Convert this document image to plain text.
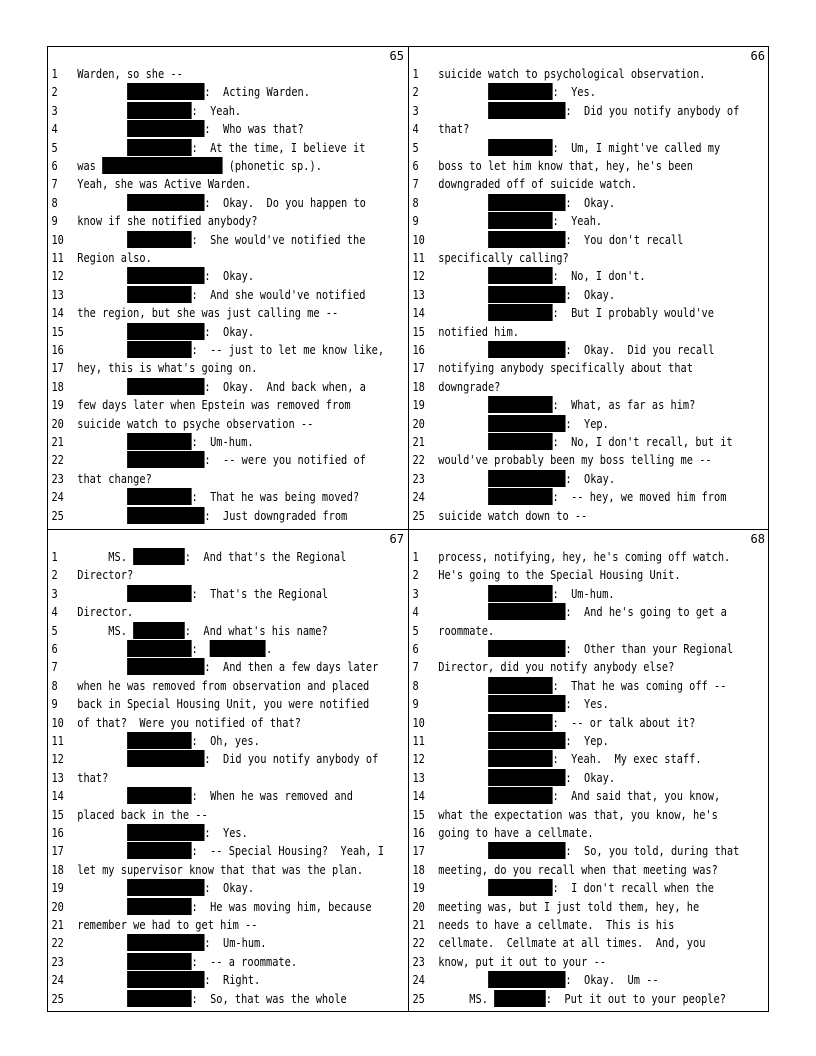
65
1	Warden, so she --
2	:  Acting Warden.
3	:  Yeah.
4	:  Who was that?
5	:  At the time, I believe it
6	was	(phonetic sp.).
7	Yeah, she was Active Warden.
8	:  Okay.  Do you happen to
9	know if she notified anybody?
10	:  She would've notified the
11	Region also.
12	:  Okay.
13	:  And she would've notified
14	the region, but she was just calling me --
15	:  Okay.
16	:  -- just to let me know like,
17	hey, this is what's going on.
18	:  Okay.  And back when, a
19	few days later when Epstein was removed from
20	suicide watch to psyche observation --
21	:  Um-hum.
22	:  -- were you notified of
23	that change?
24	:  That he was being moved?
25	:  Just downgraded from
66
1	suicide watch to psychological observation.
2	:  Yes.
3	:  Did you notify anybody of
4	that?
5	:  Um, I might've called my
6	boss to let him know that, hey, he's been
7	downgraded off of suicide watch.
8	:  Okay.
9	:  Yeah.
10	:  You don't recall
11	specifically calling?
12	:  No, I don't.
13	:  Okay.
14	:  But I probably would've
15	notified him.
16	:  Okay.  Did you recall
17	notifying anybody specifically about that
18	downgrade?
19	:  What, as far as him?
20	:  Yep.
21	:  No, I don't recall, but it
22	would've probably been my boss telling me --
23	:  Okay.
24	:  -- hey, we moved him from
25	suicide watch down to --
67
1	MS.	:  And that's the Regional
2	Director?
3	:  That's the Regional
4	Director.
5	MS.	:  And what's his name?
6	:	.
7	:  And then a few days later
8	when he was removed from observation and placed
9	back in Special Housing Unit, you were notified
10	of that?  Were you notified of that?
11	:  Oh, yes.
12	:  Did you notify anybody of
13	that?
14	:  When he was removed and
15	placed back in the --
16	:  Yes.
17	:  -- Special Housing?  Yeah, I
18	let my supervisor know that that was the plan.
19	:  Okay.
20	:  He was moving him, because
21	remember we had to get him --
22	:  Um-hum.
23	:  -- a roommate.
24	:  Right.
25	:  So, that was the whole
68
1	process, notifying, hey, he's coming off watch.
2	He's going to the Special Housing Unit.
3	:  Um-hum.
4	:  And he's going to get a
5	roommate.
6	:  Other than your Regional
7	Director, did you notify anybody else?
8	:  That he was coming off --
9	:  Yes.
10	:  -- or talk about it?
11	:  Yep.
12	:  Yeah.  My exec staff.
13	:  Okay.
14	:  And said that, you know,
15	what the expectation was that, you know, he's
16	going to have a cellmate.
17	:  So, you told, during that
18	meeting, do you recall when that meeting was?
19	:  I don't recall when the
20	meeting was, but I just told them, hey, he
21	needs to have a cellmate.  This is his
22	cellmate.  Cellmate at all times.  And, you
23	know, put it out to your --
24	:  Okay.  Um --
25	MS.	:  Put it out to your people?
